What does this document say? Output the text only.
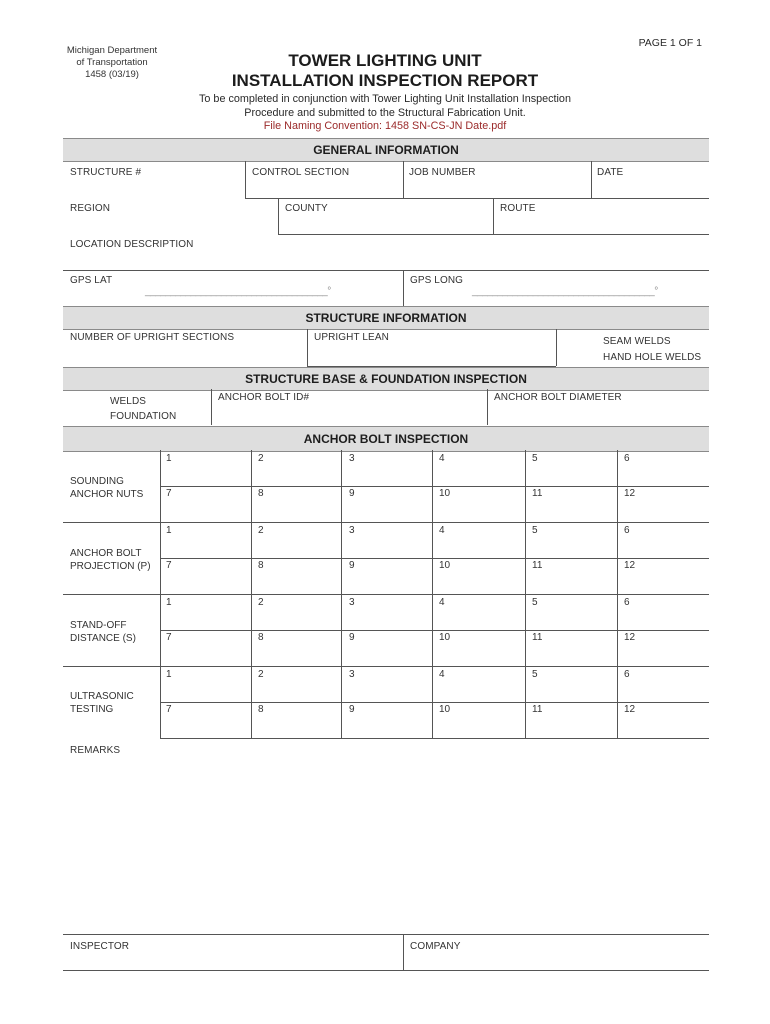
PAGE 1 OF 1
Michigan Department
of Transportation
1458 (03/19)
TOWER LIGHTING UNIT
INSTALLATION INSPECTION REPORT
To be completed in conjunction with Tower Lighting Unit Installation Inspection
Procedure and submitted to the Structural Fabrication Unit.
File Naming Convention: 1458 SN-CS-JN Date.pdf
GENERAL INFORMATION
STRUCTURE #	CONTROL SECTION	JOB NUMBER	DATE
REGION	COUNTY	ROUTE
LOCATION DESCRIPTION
GPS LAT	GPS LONG
____________________________________°	____________________________________°
STRUCTURE INFORMATION
NUMBER OF UPRIGHT SECTIONS	UPRIGHT LEAN	SEAM WELDS
HAND HOLE WELDS
STRUCTURE BASE & FOUNDATION INSPECTION
WELDS
FOUNDATION
ANCHOR BOLT ID#	ANCHOR BOLT DIAMETER
ANCHOR BOLT INSPECTION
SOUNDING
ANCHOR NUTS
1	2	3	4	5	6
7	8	9	10	11	12
ANCHOR BOLT
PROJECTION (P)
1	2	3	4	5	6
7	8	9	10	11	12
STAND-OFF
DISTANCE (S)
1	2	3	4	5	6
7	8	9	10	11	12
ULTRASONIC
TESTING
1	2	3	4	5	6
7	8	9	10	11	12
REMARKS
INSPECTOR	COMPANY
